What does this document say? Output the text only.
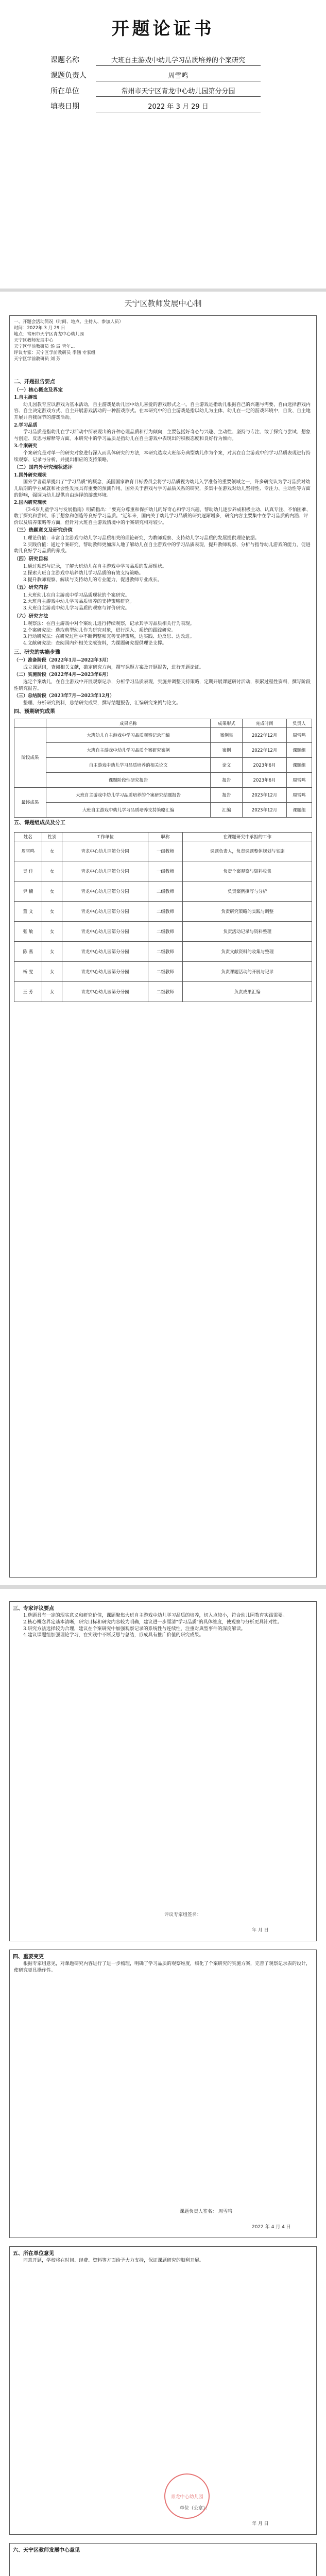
开题论证书
课题名称	大班自主游戏中幼儿学习品质培养的个案研究
课题负责人	周雪鸣
所在单位	常州市天宁区青龙中心幼儿园第分分园
填表日期	2022 年 3 月 29 日
天宁区教师发展中心制
一、开题会活动简况（时间、地点、主持人、参加人员）
时间：2022年 3 月 29 日
地点：常州市天宁区青龙中心幼儿园
天宁区教师发展中心
天宁区学前教研员 汤 辰 青年...
评议专家：天宁区学前教研员 季涵 专家组
天宁区学前教研员 刘 芳
二、开题报告要点
（一）核心概念及界定
1.自主游戏

幼儿园教育应以游戏为基本活动，自主游戏是幼儿园中幼儿喜爱的游戏形式之一。自主游戏是指幼儿根据自己的兴趣与需要，自由选择游戏内容、自主决定游戏方式、自主开展游戏活动的一种游戏形式。在本研究中的自主游戏是指以幼儿为主体，幼儿在一定的游戏环境中，自发、自主地开展并自我调节的游戏活动。

2.学习品质

学习品质是指幼儿在学习活动中所表现出的各种心理品质和行为倾向，主要包括好奇心与兴趣、主动性、坚持与专注、敢于探究与尝试、想象与创造、反思与解释等方面。本研究中的学习品质是指幼儿在自主游戏中表现出的积极态度和良好行为倾向。

3.个案研究

个案研究是对单一的研究对象进行深入而具体研究的方法，本研究选取大班部分典型幼儿作为个案，对其在自主游戏中的学习品质表现进行持续观察、记录与分析，并提出相应的支持策略。

（二）国内外研究现状述评
1.国外研究现状

国外学者最早提出了"学习品质"的概念，美国国家教育目标委员会将学习品质视为幼儿入学准备的重要领域之一，许多研究认为学习品质对幼儿后期的学业成就和社会性发展具有重要的预测作用。国外关于游戏与学习品质关系的研究，多集中在游戏对幼儿坚持性、专注力、主动性等方面的影响，强调为幼儿提供自由选择的游戏环境。

2.国内研究现状

《3-6岁儿童学习与发展指南》明确指出："要充分尊重和保护幼儿的好奇心和学习兴趣，帮助幼儿逐步养成积极主动、认真专注、不怕困难、敢于探究和尝试、乐于想象和创造等良好学习品质。"近年来，国内关于幼儿学习品质的研究逐渐增多，研究内容主要集中在学习品质的内涵、评价以及培养策略等方面，但针对大班自主游戏情境中的个案研究相对较少。

（三）选题意义及研究价值

1.理论价值：丰富自主游戏与幼儿学习品质相关的理论研究，为教师观察、支持幼儿学习品质的发展提供理论依据。

2.实践价值：通过个案研究，帮助教师更加深入地了解幼儿在自主游戏中的学习品质表现，提升教师观察、分析与指导幼儿游戏的能力，促进幼儿良好学习品质的养成。

（四）研究目标

1.通过观察与记录，了解大班幼儿在自主游戏中学习品质的发展现状。

2.探索大班自主游戏中培养幼儿学习品质的有效支持策略。

3.提升教师观察、解读与支持幼儿的专业能力，促进教师专业成长。

（五）研究内容

1.大班幼儿在自主游戏中学习品质现状的个案研究。

2.大班自主游戏中幼儿学习品质培养的支持策略研究。

3.大班自主游戏中幼儿学习品质的观察与评价研究。

（六）研究方法

1.观察法：在自主游戏中对个案幼儿进行持续观察，记录其学习品质相关行为表现。

2.个案研究法：选取典型幼儿作为研究对象，进行深入、系统的跟踪研究。

3.行动研究法：在研究过程中不断调整和完善支持策略，边实践、边反思、边改进。

4.文献研究法：查阅国内外相关文献资料，为课题研究提供理论支撑。

三、研究的实施步骤
（一）准备阶段（2022年1月—2022年3月）

成立课题组，查阅相关文献，确定研究方向，撰写课题方案及开题报告，进行开题论证。

（二）实施阶段（2022年4月—2023年6月）

选定个案幼儿，在自主游戏中开展观察记录，分析学习品质表现，实施并调整支持策略，定期开展课题研讨活动，积累过程性资料，撰写阶段性研究报告。

（三）总结阶段（2023年7月—2023年12月）

整理、分析研究资料，总结研究成果，撰写结题报告，汇编研究案例与论文。

四、预期研究成果
	成果名称	成果形式	完成时间	负责人
阶段成果	大班幼儿自主游戏中学习品质观察记录汇编	案例集	2022年12月	周雪鸣
	大班自主游戏中幼儿学习品质个案研究案例	案例	2022年12月	课题组
	自主游戏中幼儿学习品质培养的相关论文	论文	2023年6月	课题组
	课题阶段性研究报告	报告	2023年6月	周雪鸣
最终成果	大班自主游戏中幼儿学习品质培养的个案研究结题报告	报告	2023年12月	周雪鸣
	大班自主游戏中幼儿学习品质培养支持策略汇编	汇编	2023年12月	课题组
五、课题组成员及分工
姓名	性别	工作单位	职称	在课题研究中承担的工作
周雪鸣	女	青龙中心幼儿园第分分园	一级教师	课题负责人，负责课题整体规划与实施
吴 佳	女	青龙中心幼儿园第分分园	一级教师	负责个案观察与资料收集
尹 楠	女	青龙中心幼儿园第分分园	二级教师	负责案例撰写与分析
董 文	女	青龙中心幼儿园第分分园	二级教师	负责研究策略的实践与调整
张 敏	女	青龙中心幼儿园第分分园	二级教师	负责活动记录与资料整理
陈 燕	女	青龙中心幼儿园第分分园	二级教师	负责文献资料的收集与整理
杨 雯	女	青龙中心幼儿园第分分园	二级教师	负责课题活动的开展与记录
王 芳	女	青龙中心幼儿园第分分园	二级教师	负责成果汇编
三、专家评议要点

1.选题具有一定的现实意义和研究价值，课题聚焦大班自主游戏中幼儿学习品质的培养，切入点较小，符合幼儿园教育实践需要。

2.核心概念界定基本清晰，研究目标和研究内容较为明确，建议进一步厘清"学习品质"的具体维度，使观察与分析更具针对性。

3.研究方法选择较为合理，建议在个案研究中加强观察记录的系统性与连续性，注重对典型事件的深度解读。

4.建议课题组加强理论学习，在实践中不断反思与总结，形成具有推广价值的研究成果。

评议专家组签名：
年 月 日
四、重要变更

根据专家组意见，对课题研究内容进行了进一步梳理，明确了学习品质的观察维度，细化了个案研究的实施方案，完善了观察记录表的设计，使研究更具操作性。

课题负责人签名： 周雪鸣
2022 年 4 月 4 日
五、所在单位意见

同意开题，学校将在时间、经费、资料等方面给予大力支持，保证课题研究的顺利开展。

青龙中心幼儿园
单位（公章）：
年 月 日
六、天宁区教师发展中心意见
